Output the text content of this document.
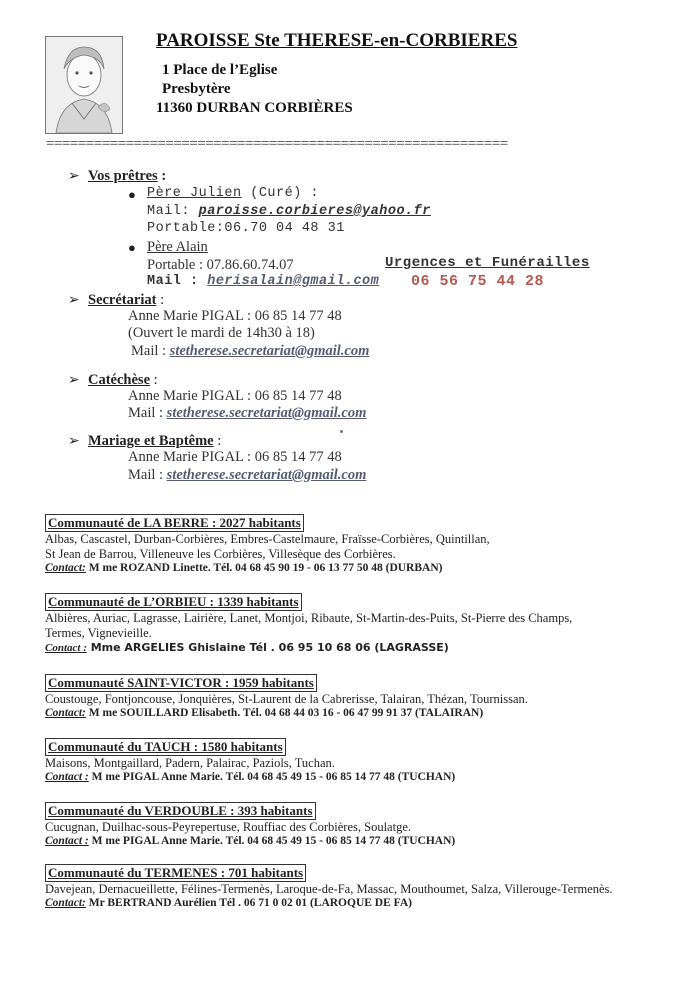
PAROISSE Ste THERESE-en-CORBIERES
1 Place de l’Eglise
Presbytère
11360 DURBAN CORBIÈRES
==========================================================
➢ Vos prêtres :
● Père Julien (Curé) :
Mail: paroisse.corbieres@yahoo.fr
Portable:06.70 04 48 31
● Père Alain
Portable : 07.86.60.74.07
Mail : herisalain@gmail.com
Urgences et Funérailles
06 56 75 44 28
➢ Secrétariat :
Anne Marie PIGAL : 06 85 14 77 48
(Ouvert le mardi de 14h30 à 18)
Mail : stetherese.secretariat@gmail.com
➢ Catéchèse :
Anne Marie PIGAL : 06 85 14 77 48
Mail : stetherese.secretariat@gmail.com
➢ Mariage et Baptême :
Anne Marie PIGAL : 06 85 14 77 48
Mail : stetherese.secretariat@gmail.com
Communauté de LA BERRE : 2027 habitants
Albas, Cascastel, Durban-Corbières, Embres-Castelmaure, Fraïsse-Corbières, Quintillan,
St Jean de Barrou, Villeneuve les Corbières, Villesèque des Corbières.
Contact: M me ROZAND Linette. Tél. 04 68 45 90 19 - 06 13 77 50 48 (DURBAN)
Communauté de L’ORBIEU : 1339 habitants
Albières, Auriac, Lagrasse, Lairière, Lanet, Montjoi, Ribaute, St-Martin-des-Puits, St-Pierre des Champs,
Termes, Vignevieille.
Contact : Mme ARGELIES Ghislaine Tél . 06 95 10 68 06 (LAGRASSE)
Communauté SAINT-VICTOR : 1959 habitants
Coustouge, Fontjoncouse, Jonquières, St-Laurent de la Cabrerisse, Talairan, Thézan, Tournissan.
Contact: M me SOUILLARD Elisabeth. Tél. 04 68 44 03 16 - 06 47 99 91 37 (TALAIRAN)
Communauté du TAUCH : 1580 habitants
Maisons, Montgaillard, Padern, Palairac, Paziols, Tuchan.
Contact : M me PIGAL Anne Marie. Tél. 04 68 45 49 15 - 06 85 14 77 48 (TUCHAN)
Communauté du VERDOUBLE : 393 habitants
Cucugnan, Duilhac-sous-Peyrepertuse, Rouffiac des Corbières, Soulatge.
Contact : M me PIGAL Anne Marie. Tél. 04 68 45 49 15 - 06 85 14 77 48 (TUCHAN)
Communauté du TERMENES : 701 habitants
Davejean, Dernacueillette, Félines-Termenès, Laroque-de-Fa, Massac, Mouthoumet, Salza, Villerouge-Termenès.
Contact: Mr BERTRAND Aurélien Tél . 06 71 0 02 01 (LAROQUE DE FA)
